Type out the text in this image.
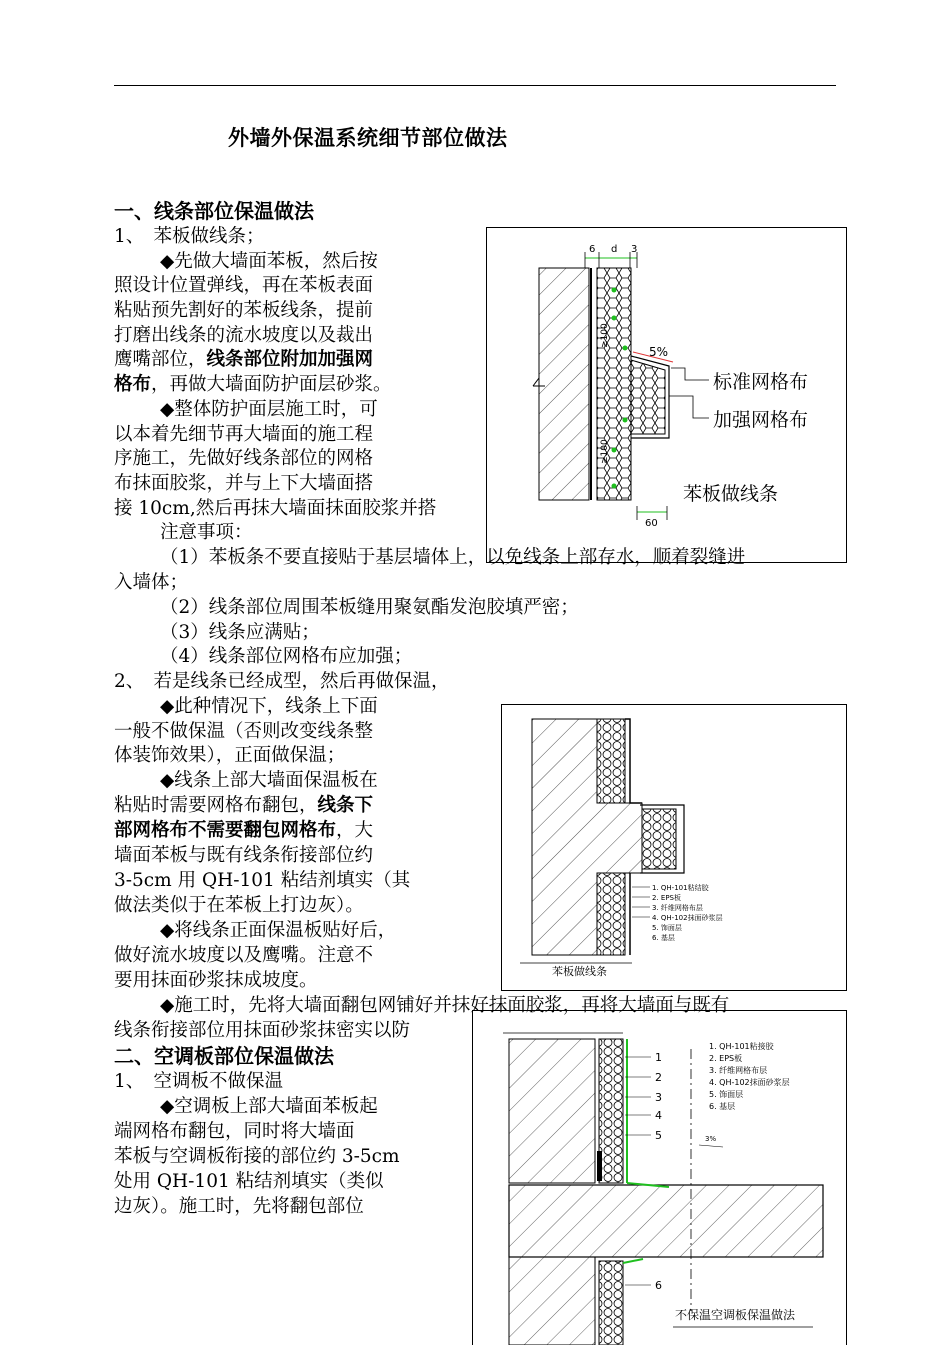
外墙外保温系统细节部位做法
6 d 3
≥100
≥100
5%
标准网格布
加强网格布
苯板做线条
60
1. QH-101粘结胶
2. EPS板
3. 纤维网格布层
4. QH-102抹面砂浆层
5. 饰面层
6. 基层
苯板做线条
1
2
3
4
5
6
3%
1. QH-101粘接胶
2. EPS板
3. 纤维网格布层
4. QH-102抹面砂浆层
5. 饰面层
6. 基层
不保温空调板保温做法
一、线条部位保温做法
1、　苯板做线条；
◆先做大墙面苯板，然后按
照设计位置弹线，再在苯板表面
粘贴预先割好的苯板线条，提前
打磨出线条的流水坡度以及裁出
鹰嘴部位，线条部位附加加强网
格布，再做大墙面防护面层砂浆。
◆整体防护面层施工时，可
以本着先细节再大墙面的施工程
序施工，先做好线条部位的网格
布抹面胶浆，并与上下大墙面搭
接 10cm,然后再抹大墙面抹面胶浆并搭
注意事项：
（1）苯板条不要直接贴于基层墙体上，以免线条上部存水，顺着裂缝进
入墙体；
（2）线条部位周围苯板缝用聚氨酯发泡胶填严密；
（3）线条应满贴；
（4）线条部位网格布应加强；
2、　若是线条已经成型，然后再做保温，
◆此种情况下，线条上下面
一般不做保温（否则改变线条整
体装饰效果），正面做保温；
◆线条上部大墙面保温板在
粘贴时需要网格布翻包，线条下
部网格布不需要翻包网格布，大
墙面苯板与既有线条衔接部位约
3-5cm 用 QH-101 粘结剂填实（其
做法类似于在苯板上打边灰）。
◆将线条正面保温板贴好后，
做好流水坡度以及鹰嘴。注意不
要用抹面砂浆抹成坡度。
◆施工时，先将大墙面翻包网铺好并抹好抹面胶浆，再将大墙面与既有
线条衔接部位用抹面砂浆抹密实以防
二、空调板部位保温做法
1、　空调板不做保温
◆空调板上部大墙面苯板起
端网格布翻包，同时将大墙面
苯板与空调板衔接的部位约 3-5cm
处用 QH-101 粘结剂填实（类似
边灰）。施工时，先将翻包部位
